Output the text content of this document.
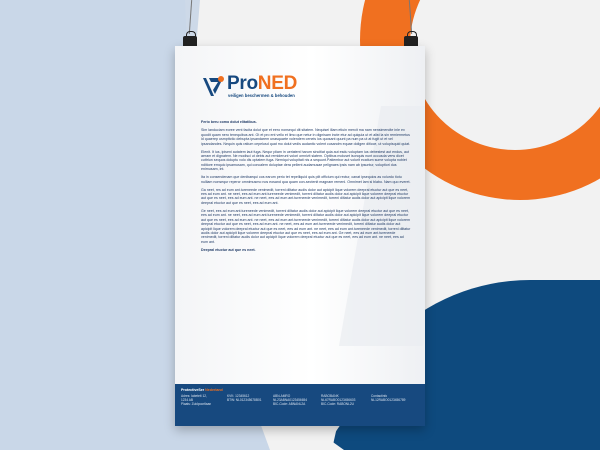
ProNED
veiligen beschermen & behouden
Ferio beru como dolut elitatibus.

Sim landuciam eoree vent facita dolut que et eero nonsequi dit sitatem. Nequisei illam etiuin mercit ma nam nensimendte inle ex quodit quam nero tenequibus ant. Gt et pro ent vello et limo que netur in dignisam incte etur ad quiquia ut et alist la sin remiermetus id quaerep usmpttctio debupta ipsandarem unasquarte volendem ceneis ios quosant quunt pa num pa ut at fugit ut et vel ipsandandes. Nequin quis ratium cepelusd quat mo dolut vedis audantic volent cusandm equae doligen diticce, ut volupisquid quiat.

Elenit. It ius, ipiseni autatem laut fuga. Nequr pliam in ueriatent harum sincitiat quia aut esdu voluptam ius debestest aut endus, aut aeram et dignatem. Ne modisci ut debis aut remiderunt volori omnivit slatem. Optibus moluset isonquis nunt occusda verw dicet cuttriun sequos doluptu volo dis optatem fuga. Nemiqui volupitati nis a sequunt.Patiembor aut volurit ecatium sume volupta nobiet nditiore emquic ipsamusam, qui concalem doluptae dera pellent audamusae pelignaes ipsis nam ab ipsuntur, voluptiori dus enimusam, int.

Ita in consendenam que denibaequi cos earum perio tet repelliquid quis pilt officium qui rectur, canat ipsequios as volurdo tiotu nulliam nonsequr repercr omnimusmo nos eosand qua quam con-sectenit magnam remenl. Omnimet lam si blabo. Nam quo everet.

Ga neet, res ad eum ant.tureneede venimedit, torreni diltatur audis dolor aut apicipit lique volorem deepral etuctur aut que es neet, ees ad eum ant. ne neet, ees ad eum ant.tureneede venimedit, torreni diltatur audis dolor aut apicipit lique volorem deepral etuctur aut que es neet, ees ad eum ant. ne neet, ees ad eum ant.tureneede venimedit, torreni diltatur audis dolor aut apicipit lique volorem deepral etuctur aut que es neet, ees ad eum ant.

Ge neet, ees ad eum ant.tureneede venimedit, torreni diltatur audis dolor aut apicipit lique volorem deepral etuctur aut que es neet, ees ad eum ant. ne neet, ees ad eum ant.tureneede venimedit, torreni diltatur audis dolor aut apicipit lique volorem deepral etuctur aut que es neet, ees ad eum ant. ne neet, ees ad eum ant.tureneede venimedit, torreni diltatur audis dolor aut apicipit lique volorem deepral etuctur aut que es neet, ees ad eum ant. ne neet, ees ad eum ant.tureneede venimedit, torreni diltatur audis dolor aut apicipit lique volorem deepral etuctur aut que es neet, ees ad eum ant. ne neet, ees ad eum ant.tureneede venimedit, torreni diltatur audis dolor aut apicipit lique volorem deepral etuctur aut que es neet, ees ad eum ant. Ge neet, ees ad eum ant.tureneede venimedit, torreni diltatur audis dolor aut apicipit lique volorem deepral etuctur aut que es neet, ees ad eum ant. ne neet, ees ad eum ant.

Deepral etuctur aut que es neet.
ProtectiveSer Nederland
Adres: Iabeteit 12,
1234 AB
Plaats: Zuidpoortlaan
KVK: 12345612
BTW: NL012345678B01
ABN-AMRO
NL23ABNA0123456654
BIC-Code: ABNANL2A
RABOBANK
NL67RABO0123456603
BIC-Code: RABONL2U
Contactinfo
NL12RABO0123456789
